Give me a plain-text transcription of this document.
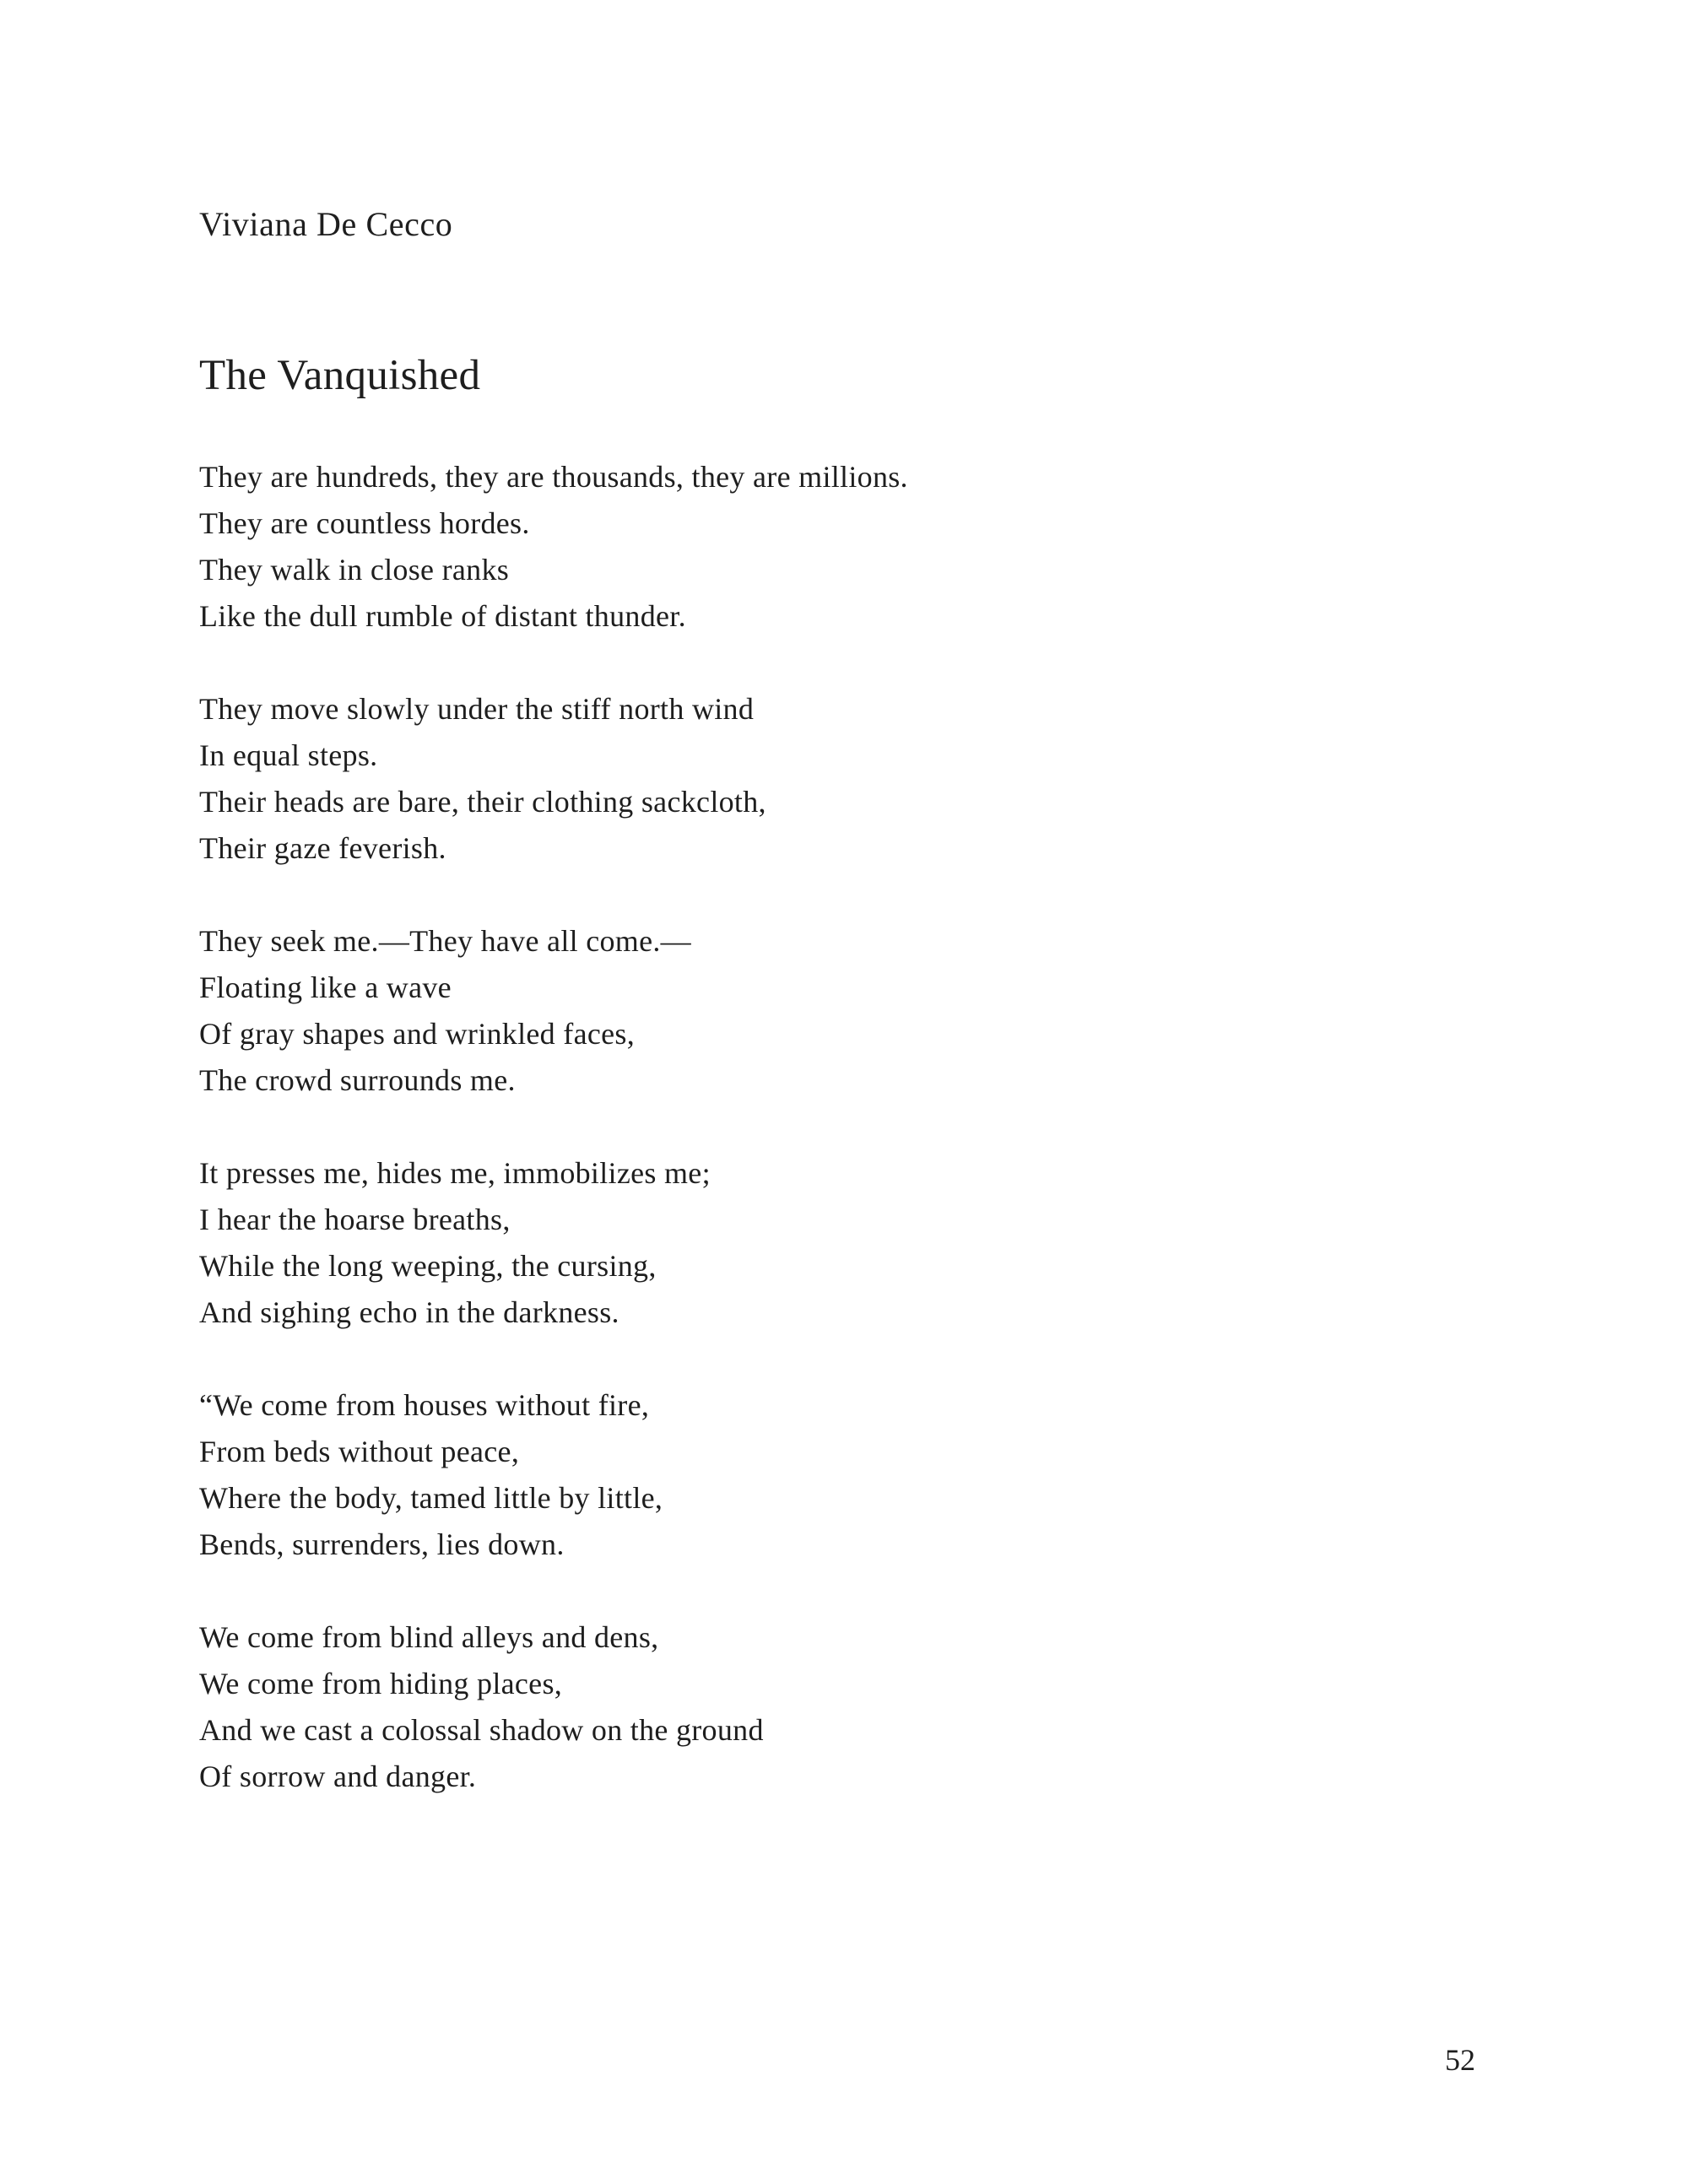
Viviana De Cecco

The Vanquished
They are hundreds, they are thousands, they are millions.
They are countless hordes.
They walk in close ranks
Like the dull rumble of distant thunder.
They move slowly under the stiff north wind
In equal steps.
Their heads are bare, their clothing sackcloth,
Their gaze feverish.
They seek me.—They have all come.—
Floating like a wave
Of gray shapes and wrinkled faces,
The crowd surrounds me.
It presses me, hides me, immobilizes me;
I hear the hoarse breaths,
While the long weeping, the cursing,
And sighing echo in the darkness.
“We come from houses without fire,
From beds without peace,
Where the body, tamed little by little,
Bends, surrenders, lies down.
We come from blind alleys and dens,
We come from hiding places,
And we cast a colossal shadow on the ground
Of sorrow and danger.

52
